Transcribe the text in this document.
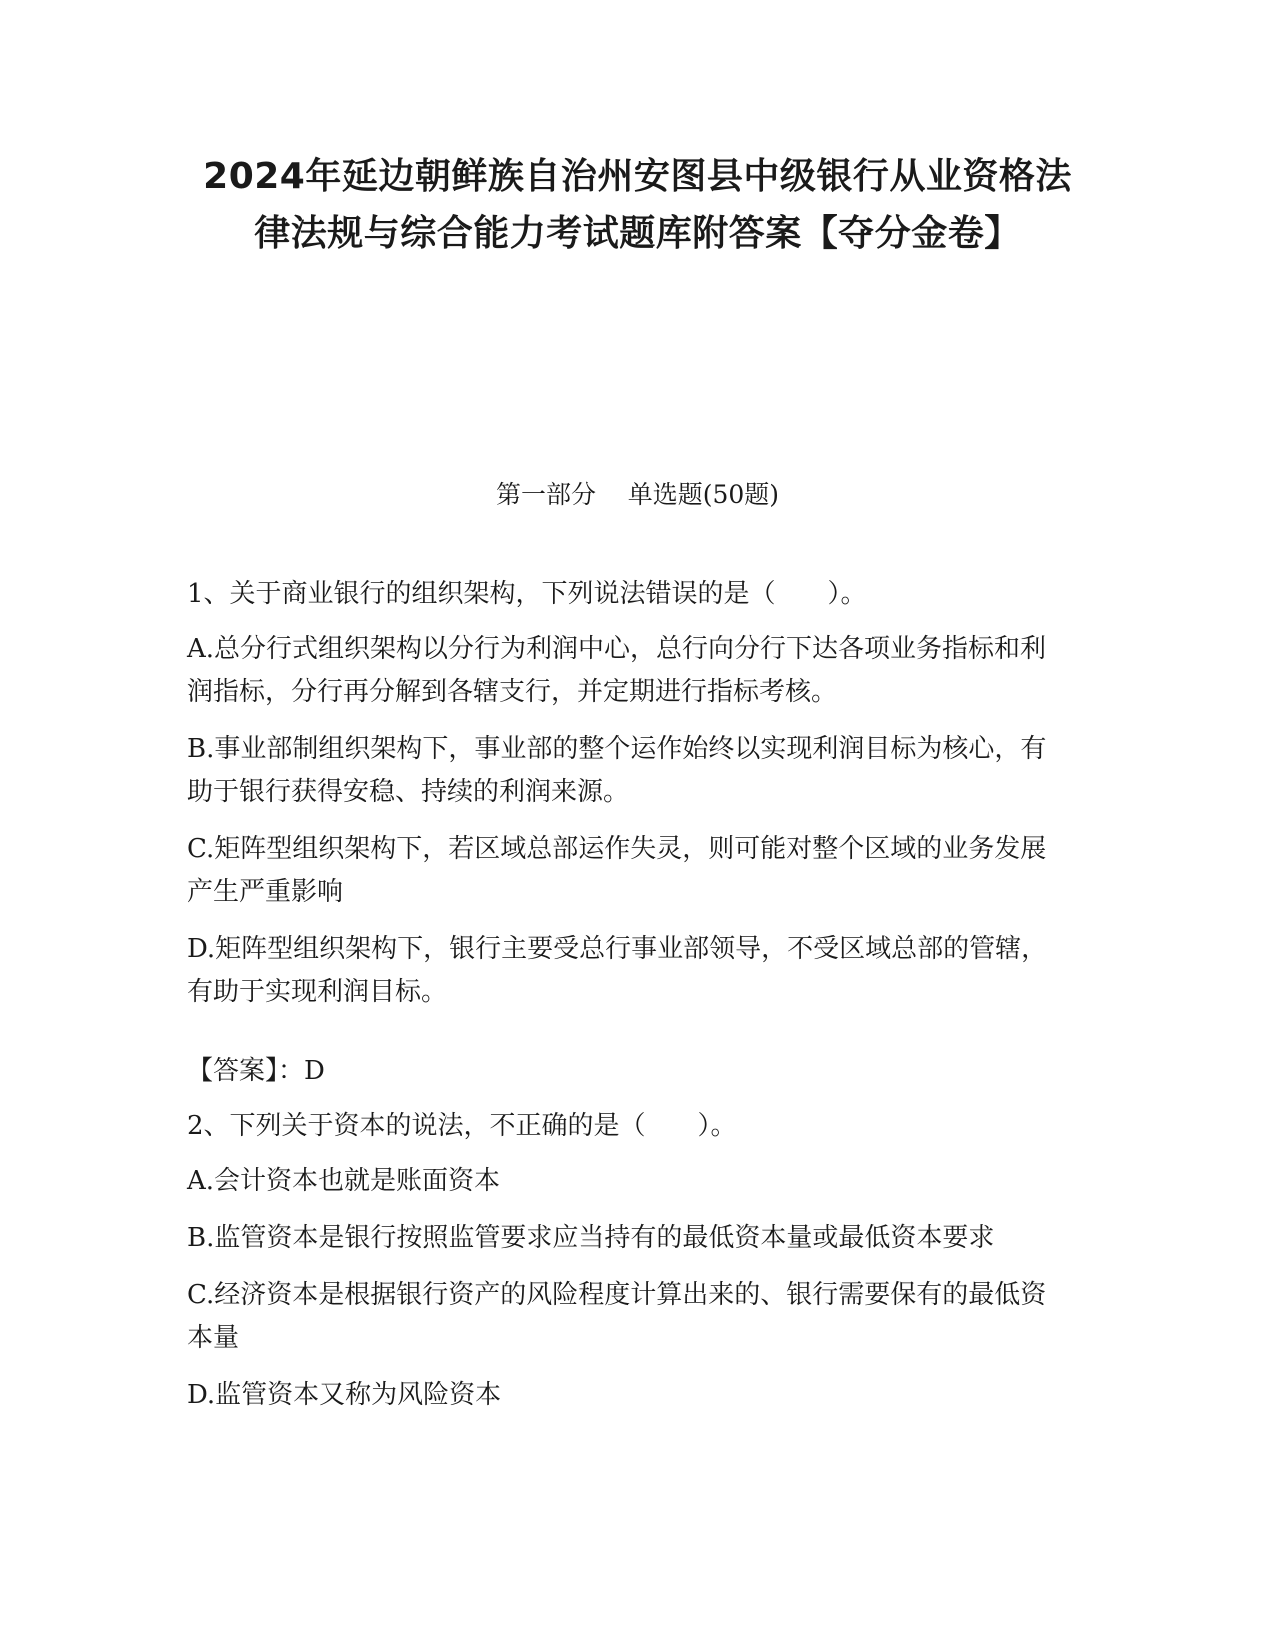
2024年延边朝鲜族自治州安图县中级银行从业资格法律法规与综合能力考试题库附答案【夺分金卷】
第一部分    单选题(50题)
1、关于商业银行的组织架构，下列说法错误的是（　　）。
A.总分行式组织架构以分行为利润中心，总行向分行下达各项业务指标和利润指标，分行再分解到各辖支行，并定期进行指标考核。
B.事业部制组织架构下，事业部的整个运作始终以实现利润目标为核心，有助于银行获得安稳、持续的利润来源。
C.矩阵型组织架构下，若区域总部运作失灵，则可能对整个区域的业务发展产生严重影响
D.矩阵型组织架构下，银行主要受总行事业部领导，不受区域总部的管辖，有助于实现利润目标。
【答案】：D
2、下列关于资本的说法，不正确的是（　　）。
A.会计资本也就是账面资本
B.监管资本是银行按照监管要求应当持有的最低资本量或最低资本要求
C.经济资本是根据银行资产的风险程度计算出来的、银行需要保有的最低资本量
D.监管资本又称为风险资本
